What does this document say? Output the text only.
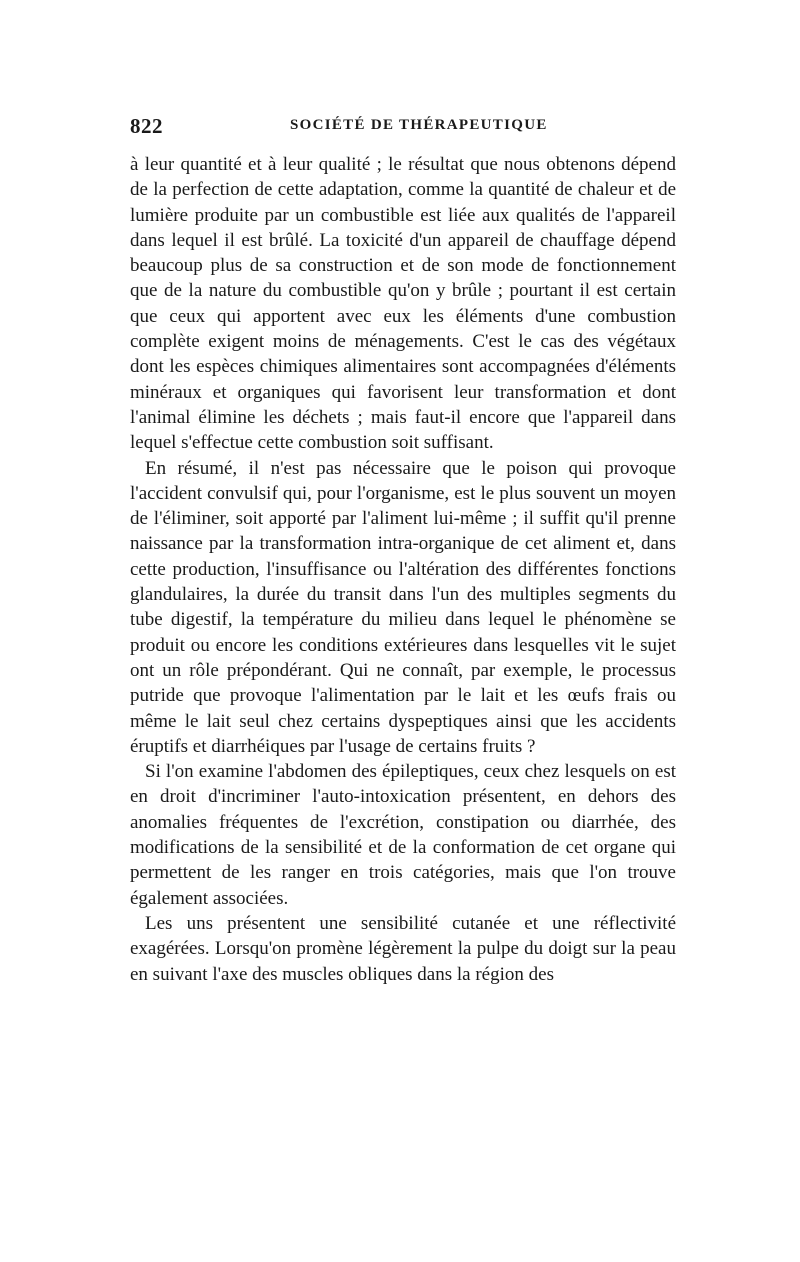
822	SOCIÉTÉ DE THÉRAPEUTIQUE

à leur quantité et à leur qualité ; le résultat que nous obtenons dépend de la perfection de cette adaptation, comme la quantité de chaleur et de lumière produite par un combustible est liée aux qualités de l'appareil dans lequel il est brûlé. La toxicité d'un appareil de chauffage dépend beaucoup plus de sa construction et de son mode de fonctionnement que de la nature du combustible qu'on y brûle ; pourtant il est certain que ceux qui apportent avec eux les éléments d'une combustion complète exigent moins de ménagements. C'est le cas des végétaux dont les espèces chimiques alimentaires sont accompagnées d'éléments minéraux et organiques qui favorisent leur transformation et dont l'animal élimine les déchets ; mais faut-il encore que l'appareil dans lequel s'effectue cette combustion soit suffisant.

En résumé, il n'est pas nécessaire que le poison qui provoque l'accident convulsif qui, pour l'organisme, est le plus souvent un moyen de l'éliminer, soit apporté par l'aliment lui-même ; il suffit qu'il prenne naissance par la transformation intra-organique de cet aliment et, dans cette production, l'insuffisance ou l'altération des différentes fonctions glandulaires, la durée du transit dans l'un des multiples segments du tube digestif, la température du milieu dans lequel le phénomène se produit ou encore les conditions extérieures dans lesquelles vit le sujet ont un rôle prépondérant. Qui ne connaît, par exemple, le processus putride que provoque l'alimentation par le lait et les œufs frais ou même le lait seul chez certains dyspeptiques ainsi que les accidents éruptifs et diarrhéiques par l'usage de certains fruits ?

Si l'on examine l'abdomen des épileptiques, ceux chez lesquels on est en droit d'incriminer l'auto-intoxication présentent, en dehors des anomalies fréquentes de l'excrétion, constipation ou diarrhée, des modifications de la sensibilité et de la conformation de cet organe qui permettent de les ranger en trois catégories, mais que l'on trouve également associées.

Les uns présentent une sensibilité cutanée et une réflectivité exagérées. Lorsqu'on promène légèrement la pulpe du doigt sur la peau en suivant l'axe des muscles obliques dans la région des
